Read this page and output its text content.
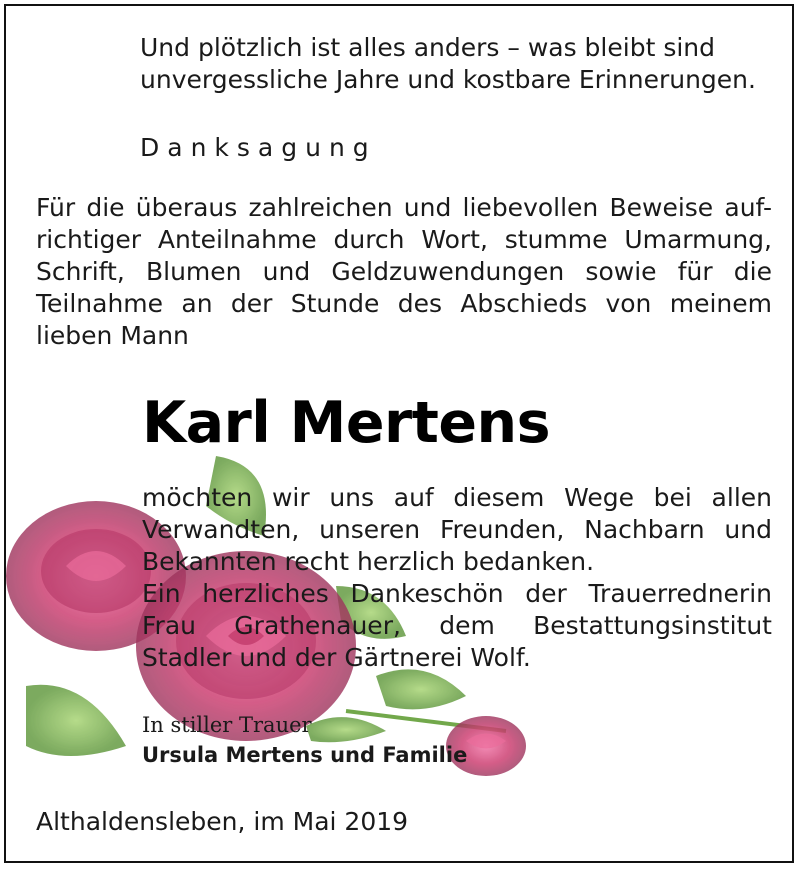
Und plötzlich ist alles anders – was bleibt sind
unvergessliche Jahre und kostbare Erinnerungen.
Danksagung
Für die überaus zahlreichen und liebevollen Beweise auf-
richtiger Anteilnahme durch Wort, stumme Umarmung,
Schrift, Blumen und Geldzuwendungen sowie für die
Teilnahme an der Stunde des Abschieds von meinem
lieben Mann
Karl Mertens
möchten wir uns auf diesem Wege bei allen
Verwandten, unseren Freunden, Nachbarn und
Bekannten recht herzlich bedanken.
Ein herzliches Dankeschön der Trauerrednerin
Frau Grathenauer, dem Bestattungsinstitut
Stadler und der Gärtnerei Wolf.
In stiller Trauer
Ursula Mertens und Familie
Althaldensleben, im Mai 2019
